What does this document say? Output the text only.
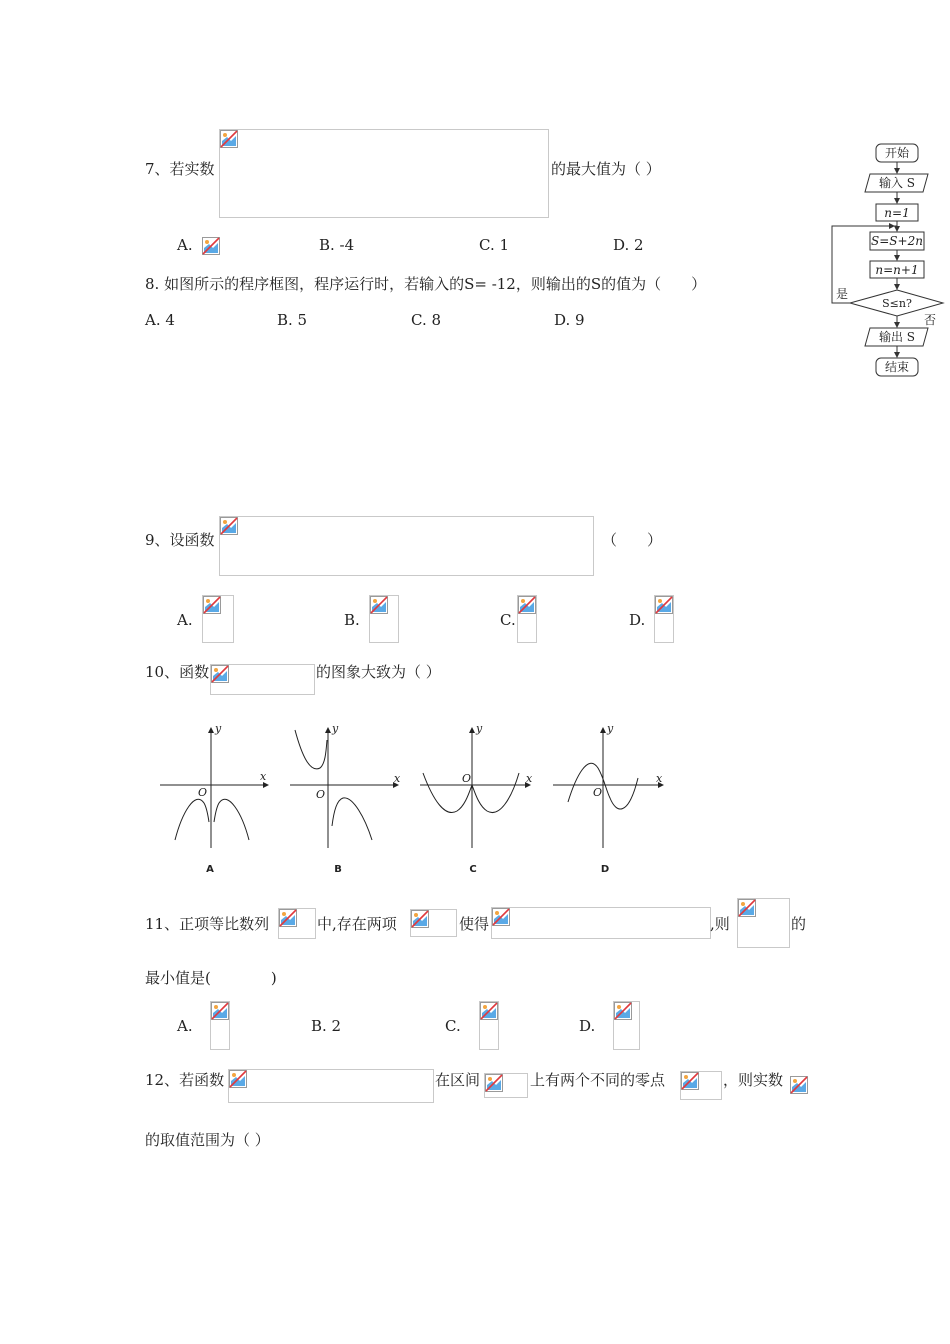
7、若实数	的最大值为（ ）
A.	B. -4	C. 1	D. 2
8. 如图所示的程序框图，程序运行时，若输入的S= -12，则输出的S的值为（　　）
A. 4	B. 5	C. 8	D. 9
开始
输入 S
n=1
S=S+2n
n=n+1
S≤n?
是
否
输出 S
结束
9、设函数	（　　）
A.	B.	C.	D.
10、函数	的图象大致为（ ）
y
x
O
y
x
O
y
x
O
y
x
O
A	B	C	D
11、正项等比数列	中,存在两项	使得	,则	的
最小值是(　　　　)
A.	B. 2	C.	D.
12、若函数	在区间	上有两个不同的零点	，则实数
的取值范围为（ ）
